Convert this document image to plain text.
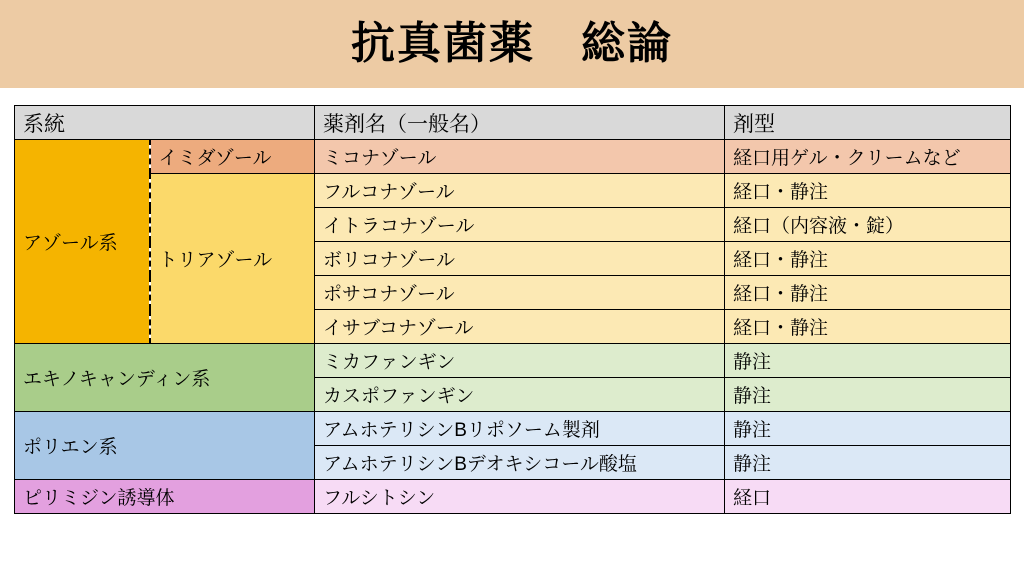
抗真菌薬　総論
系統		薬剤名（一般名）	剤型
アゾール系	イミダゾール	ミコナゾール	経口用ゲル・クリームなど
	トリアゾール	フルコナゾール	経口・静注
		イトラコナゾール	経口（内容液・錠）
		ボリコナゾール	経口・静注
		ポサコナゾール	経口・静注
		イサブコナゾール	経口・静注
エキノキャンディン系		ミカファンギン	静注
		カスポファンギン	静注
ポリエン系		アムホテリシンBリポソーム製剤	静注
		アムホテリシンBデオキシコール酸塩	静注
ピリミジン誘導体		フルシトシン	経口
